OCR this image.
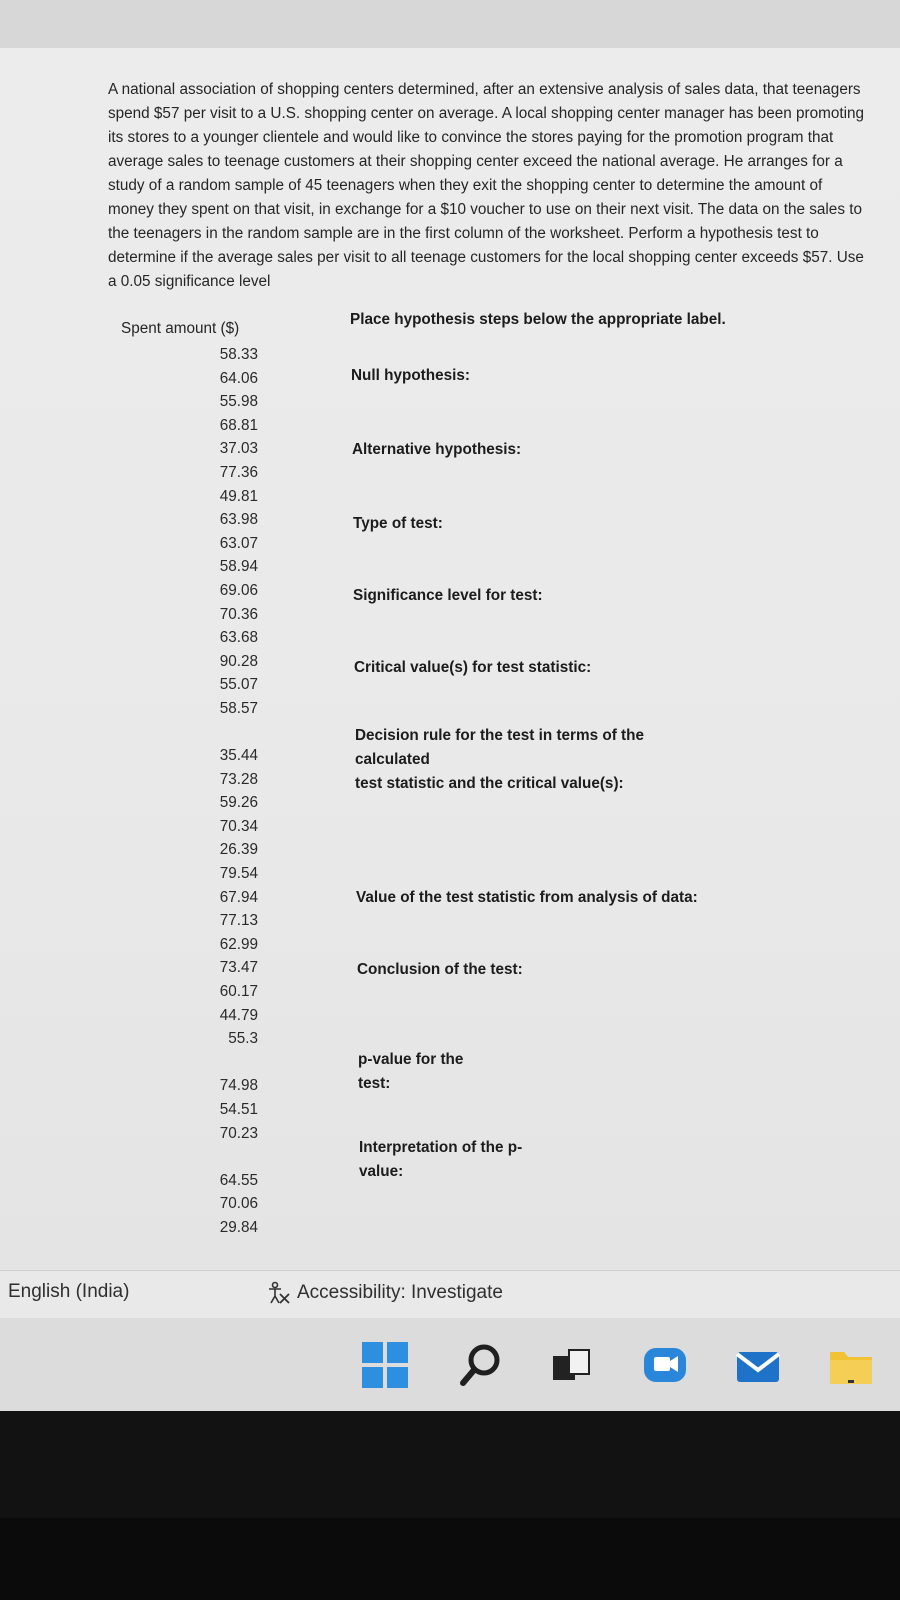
A national association of shopping centers determined, after an extensive analysis of sales data, that teenagers spend $57 per visit to a U.S. shopping center on average. A local shopping center manager has been promoting its stores to a younger clientele and would like to convince the stores paying for the promotion program that average sales to teenage customers at their shopping center exceed the national average. He arranges for a study of a random sample of 45 teenagers when they exit the shopping center to determine the amount of money they spent on that visit, in exchange for a $10 voucher to use on their next visit. The data on the sales to the teenagers in the random sample are in the first column of the worksheet. Perform a hypothesis test to determine if the average sales per visit to all teenage customers for the local shopping center exceeds $57. Use a 0.05 significance level

Spent amount ($)
58.33
64.06
55.98
68.81
37.03
77.36
49.81
63.98
63.07
58.94
69.06
70.36
63.68
90.28
55.07
58.57
35.44
73.28
59.26
70.34
26.39
79.54
67.94
77.13
62.99
73.47
60.17
44.79
55.3
74.98
54.51
70.23
64.55
70.06
29.84
Place hypothesis steps below the appropriate label.
Null hypothesis:
Alternative hypothesis:
Type of test:
Significance level for test:
Critical value(s) for test statistic:
Decision rule for the test in terms of the
calculated
test statistic and the critical value(s):
Value of the test statistic from analysis of data:
Conclusion of the test:
p-value for the
test:
Interpretation of the p-
value:
English (India)	Accessibility: Investigate
